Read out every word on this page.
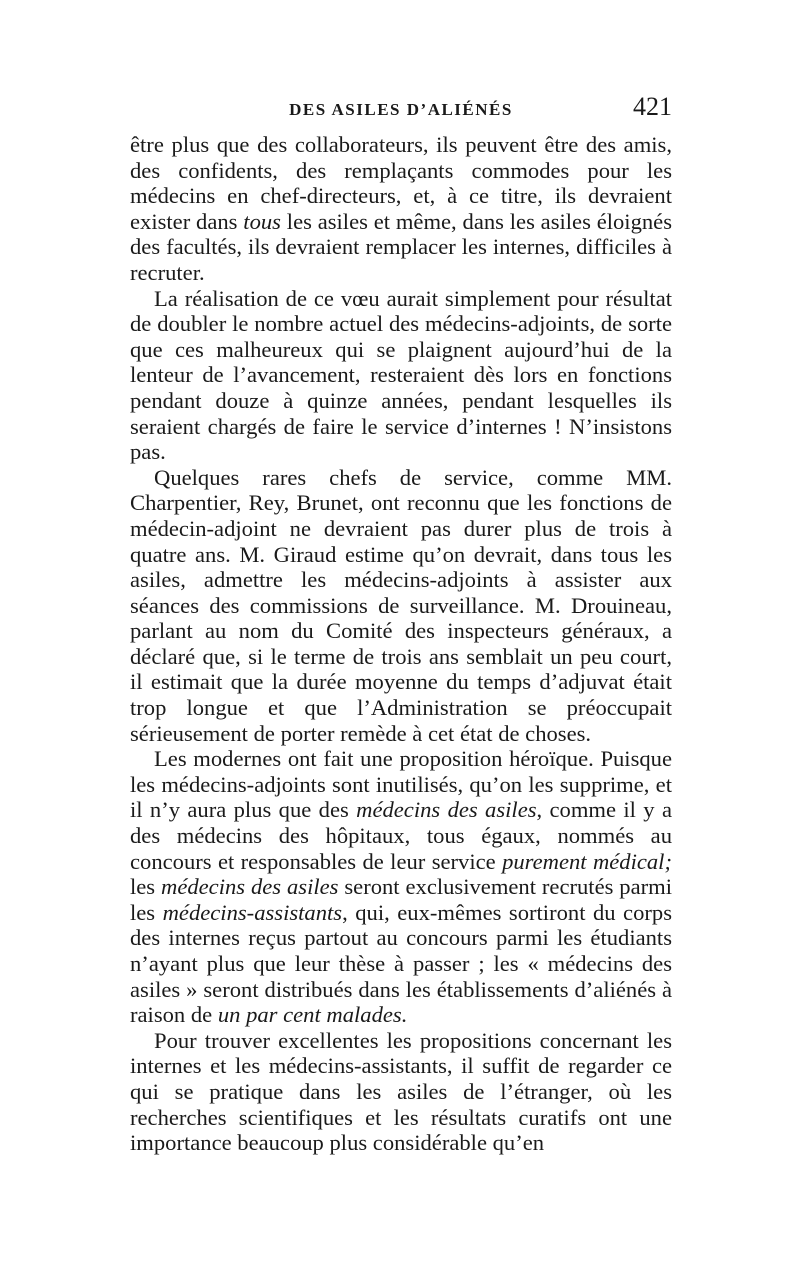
DES ASILES D’ALIÉNÉS	421

être plus que des collaborateurs, ils peuvent être des amis, des confidents, des remplaçants commodes pour les médecins en chef-directeurs, et, à ce titre, ils devraient exister dans tous les asiles et même, dans les asiles éloignés des facultés, ils devraient remplacer les internes, difficiles à recruter.

La réalisation de ce vœu aurait simplement pour résultat de doubler le nombre actuel des médecins-adjoints, de sorte que ces malheureux qui se plaignent aujourd’hui de la lenteur de l’avancement, resteraient dès lors en fonctions pendant douze à quinze années, pendant lesquelles ils seraient chargés de faire le service d’internes ! N’insistons pas.

Quelques rares chefs de service, comme MM. Charpentier, Rey, Brunet, ont reconnu que les fonctions de médecin-adjoint ne devraient pas durer plus de trois à quatre ans. M. Giraud estime qu’on devrait, dans tous les asiles, admettre les médecins-adjoints à assister aux séances des commissions de surveillance. M. Drouineau, parlant au nom du Comité des inspecteurs généraux, a déclaré que, si le terme de trois ans semblait un peu court, il estimait que la durée moyenne du temps d’adjuvat était trop longue et que l’Administration se préoccupait sérieusement de porter remède à cet état de choses.

Les modernes ont fait une proposition héroïque. Puisque les médecins-adjoints sont inutilisés, qu’on les supprime, et il n’y aura plus que des médecins des asiles, comme il y a des médecins des hôpitaux, tous égaux, nommés au concours et responsables de leur service purement médical; les médecins des asiles seront exclusivement recrutés parmi les médecins-assistants, qui, eux-mêmes sortiront du corps des internes reçus partout au concours parmi les étudiants n’ayant plus que leur thèse à passer ; les « médecins des asiles » seront distribués dans les établissements d’aliénés à raison de un par cent malades.

Pour trouver excellentes les propositions concernant les internes et les médecins-assistants, il suffit de regarder ce qui se pratique dans les asiles de l’étranger, où les recherches scientifiques et les résultats curatifs ont une importance beaucoup plus considérable qu’en
